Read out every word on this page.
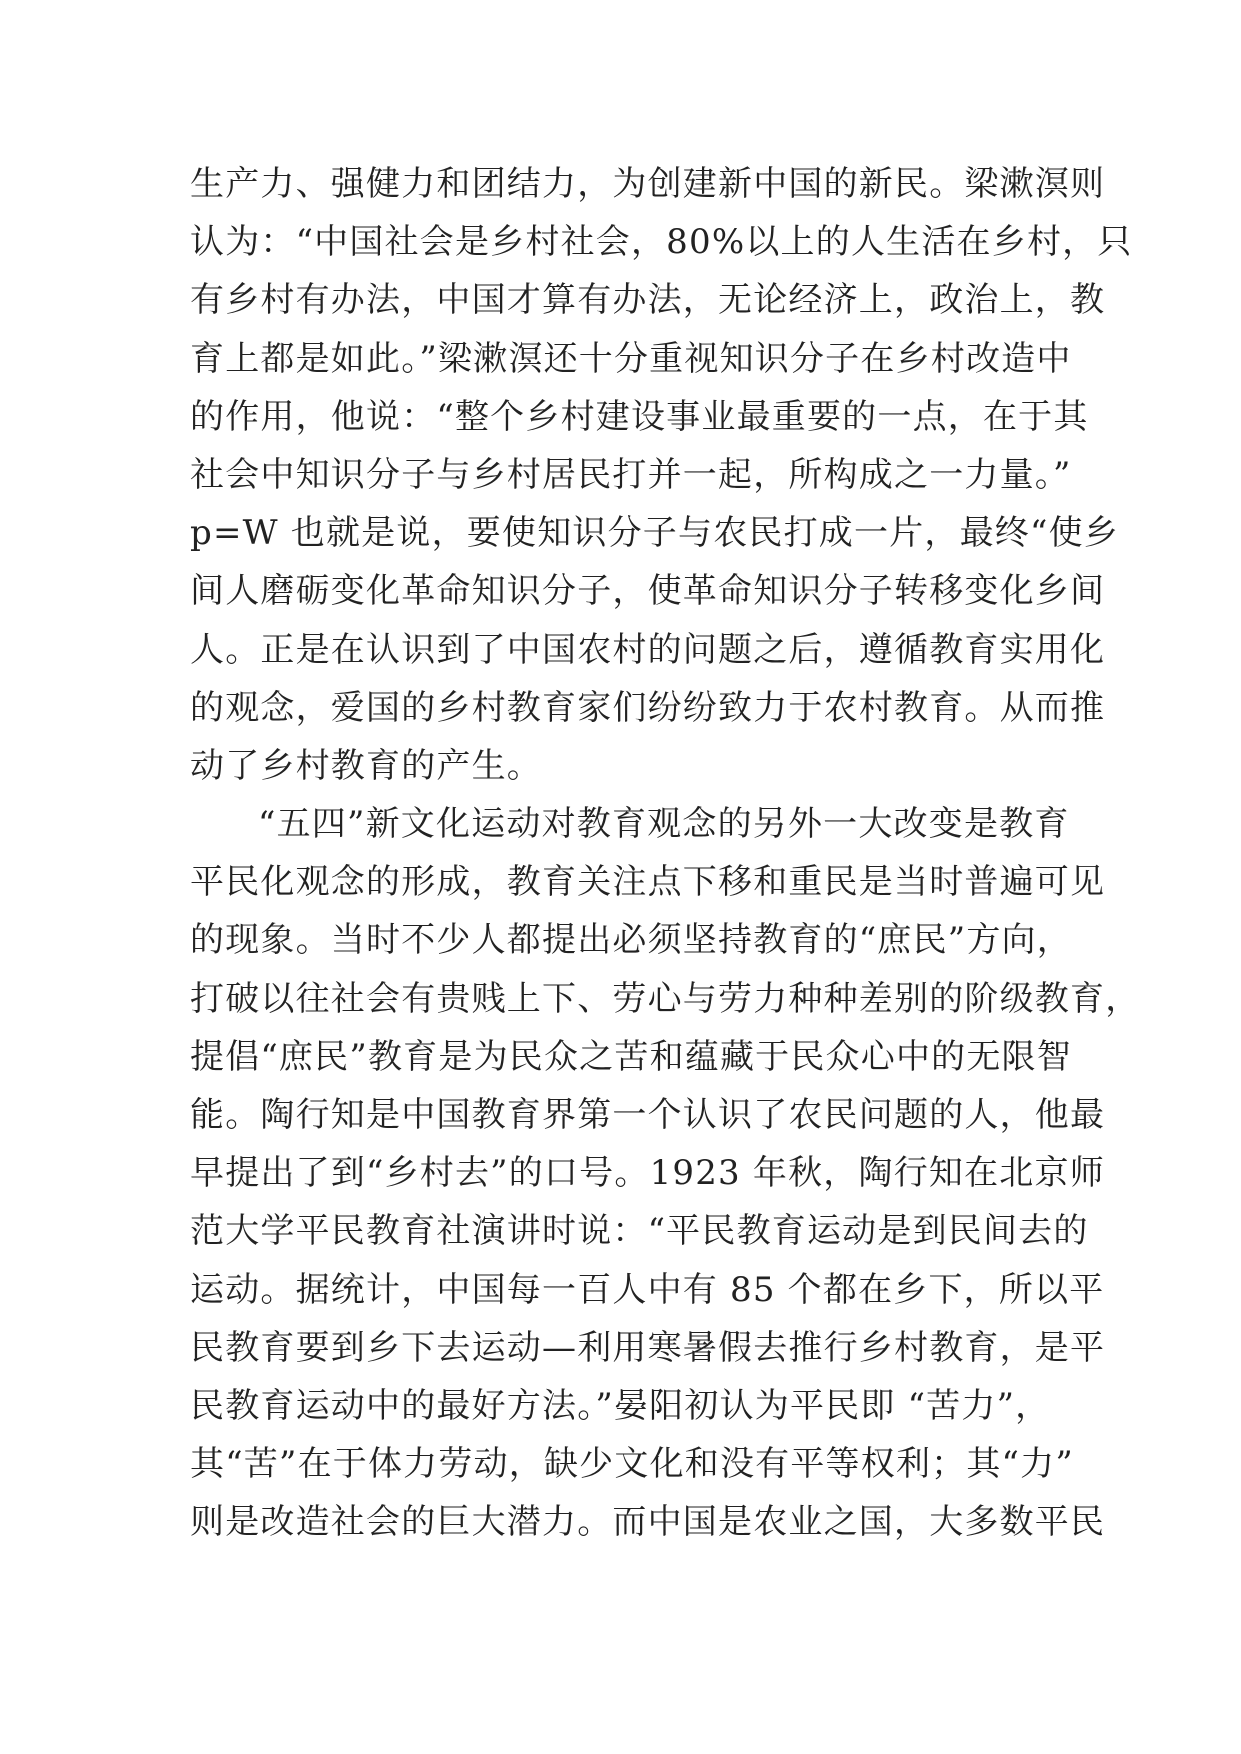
生产力、强健力和团结力，为创建新中国的新民。梁漱溟则
认为：“中国社会是乡村社会，80%以上的人生活在乡村，只
有乡村有办法，中国才算有办法，无论经济上，政治上，教
育上都是如此。”梁漱溟还十分重视知识分子在乡村改造中
的作用，他说：“整个乡村建设事业最重要的一点，在于其
社会中知识分子与乡村居民打并一起，所构成之一力量。”
p=W 也就是说，要使知识分子与农民打成一片，最终“使乡
间人磨砺变化革命知识分子，使革命知识分子转移变化乡间
人。正是在认识到了中国农村的问题之后，遵循教育实用化
的观念，爱国的乡村教育家们纷纷致力于农村教育。从而推
动了乡村教育的产生。
“五四”新文化运动对教育观念的另外一大改变是教育
平民化观念的形成，教育关注点下移和重民是当时普遍可见
的现象。当时不少人都提出必须坚持教育的“庶民”方向，
打破以往社会有贵贱上下、劳心与劳力种种差别的阶级教育，
提倡“庶民”教育是为民众之苦和蕴藏于民众心中的无限智
能。陶行知是中国教育界第一个认识了农民问题的人，他最
早提出了到“乡村去”的口号。1923 年秋，陶行知在北京师
范大学平民教育社演讲时说：“平民教育运动是到民间去的
运动。据统计，中国每一百人中有 85 个都在乡下，所以平
民教育要到乡下去运动—利用寒暑假去推行乡村教育，是平
民教育运动中的最好方法。”晏阳初认为平民即 “苦力”，
其“苦”在于体力劳动，缺少文化和没有平等权利；其“力”
则是改造社会的巨大潜力。而中国是农业之国，大多数平民
